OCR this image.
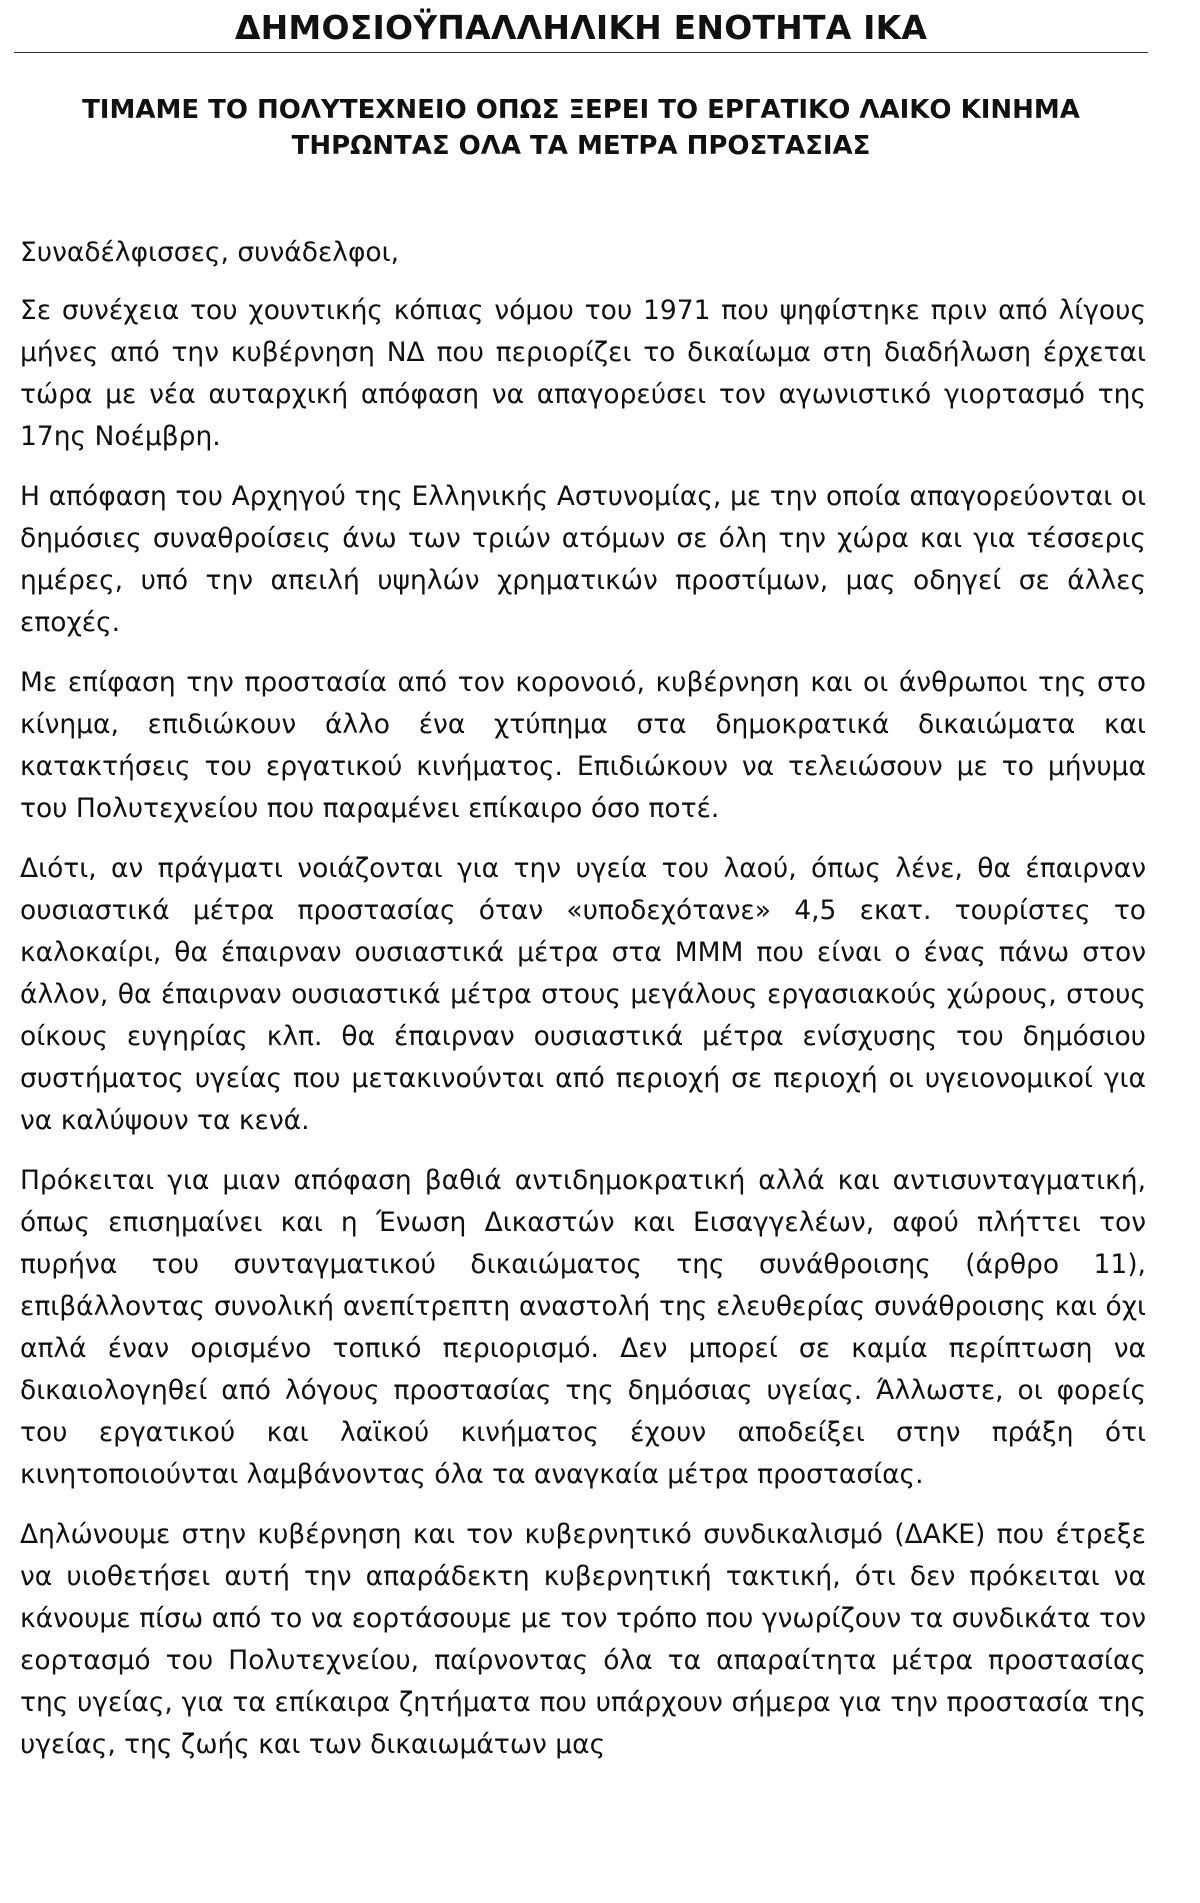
ΔΗΜΟΣΙΟΫΠΑΛΛΗΛΙΚΗ ΕΝΟΤΗΤΑ ΙΚΑ
ΤΙΜΑΜΕ ΤΟ ΠΟΛΥΤΕΧΝΕΙΟ ΟΠΩΣ ΞΕΡΕΙ ΤΟ ΕΡΓΑΤΙΚΟ ΛΑΙΚΟ ΚΙΝΗΜΑ
ΤΗΡΩΝΤΑΣ ΟΛΑ ΤΑ ΜΕΤΡΑ ΠΡΟΣΤΑΣΙΑΣ

Συναδέλφισσες, συνάδελφοι,

Σε συνέχεια του χουντικής κόπιας νόμου του 1971 που ψηφίστηκε πριν από λίγους μήνες από την κυβέρνηση ΝΔ που περιορίζει το δικαίωμα στη διαδήλωση έρχεται τώρα με νέα αυταρχική απόφαση να απαγορεύσει τον αγωνιστικό γιορτασμό της 17ης Νοέμβρη.

Η απόφαση του Αρχηγού της Ελληνικής Αστυνομίας, με την οποία απαγορεύονται οι δημόσιες συναθροίσεις άνω των τριών ατόμων σε όλη την χώρα και για τέσσερις ημέρες, υπό την απειλή υψηλών χρηματικών προστίμων, μας οδηγεί σε άλλες εποχές.

Με επίφαση την προστασία από τον κορονοιό, κυβέρνηση και οι άνθρωποι της στο κίνημα, επιδιώκουν άλλο ένα χτύπημα στα δημοκρατικά δικαιώματα και κατακτήσεις του εργατικού κινήματος. Επιδιώκουν να τελειώσουν με το μήνυμα του Πολυτεχνείου που παραμένει επίκαιρο όσο ποτέ.

Διότι, αν πράγματι νοιάζονται για την υγεία του λαού, όπως λένε, θα έπαιρναν ουσιαστικά μέτρα προστασίας όταν «υποδεχότανε» 4,5 εκατ. τουρίστες το καλοκαίρι, θα έπαιρναν ουσιαστικά μέτρα στα ΜΜΜ που είναι ο ένας πάνω στον άλλον, θα έπαιρναν ουσιαστικά μέτρα στους μεγάλους εργασιακούς χώρους, στους οίκους ευγηρίας κλπ. θα έπαιρναν ουσιαστικά μέτρα ενίσχυσης του δημόσιου συστήματος υγείας που μετακινούνται από περιοχή σε περιοχή οι υγειονομικοί για να καλύψουν τα κενά.

Πρόκειται για μιαν απόφαση βαθιά αντιδημοκρατική αλλά και αντισυνταγματική, όπως επισημαίνει και η Ένωση Δικαστών και Εισαγγελέων, αφού πλήττει τον πυρήνα του συνταγματικού δικαιώματος της συνάθροισης (άρθρο 11), επιβάλλοντας συνολική ανεπίτρεπτη αναστολή της ελευθερίας συνάθροισης και όχι απλά έναν ορισμένο τοπικό περιορισμό. Δεν μπορεί σε καμία περίπτωση να δικαιολογηθεί από λόγους προστασίας της δημόσιας υγείας. Άλλωστε, οι φορείς του εργατικού και λαϊκού κινήματος έχουν αποδείξει στην πράξη ότι κινητοποιούνται λαμβάνοντας όλα τα αναγκαία μέτρα προστασίας.

Δηλώνουμε στην κυβέρνηση και τον κυβερνητικό συνδικαλισμό (ΔΑΚΕ) που έτρεξε να υιοθετήσει αυτή την απαράδεκτη κυβερνητική τακτική, ότι δεν πρόκειται να κάνουμε πίσω από το να εορτάσουμε με τον τρόπο που γνωρίζουν τα συνδικάτα τον εορτασμό του Πολυτεχνείου, παίρνοντας όλα τα απαραίτητα μέτρα προστασίας της υγείας, για τα επίκαιρα ζητήματα που υπάρχουν σήμερα για την προστασία της υγείας, της ζωής και των δικαιωμάτων μας
